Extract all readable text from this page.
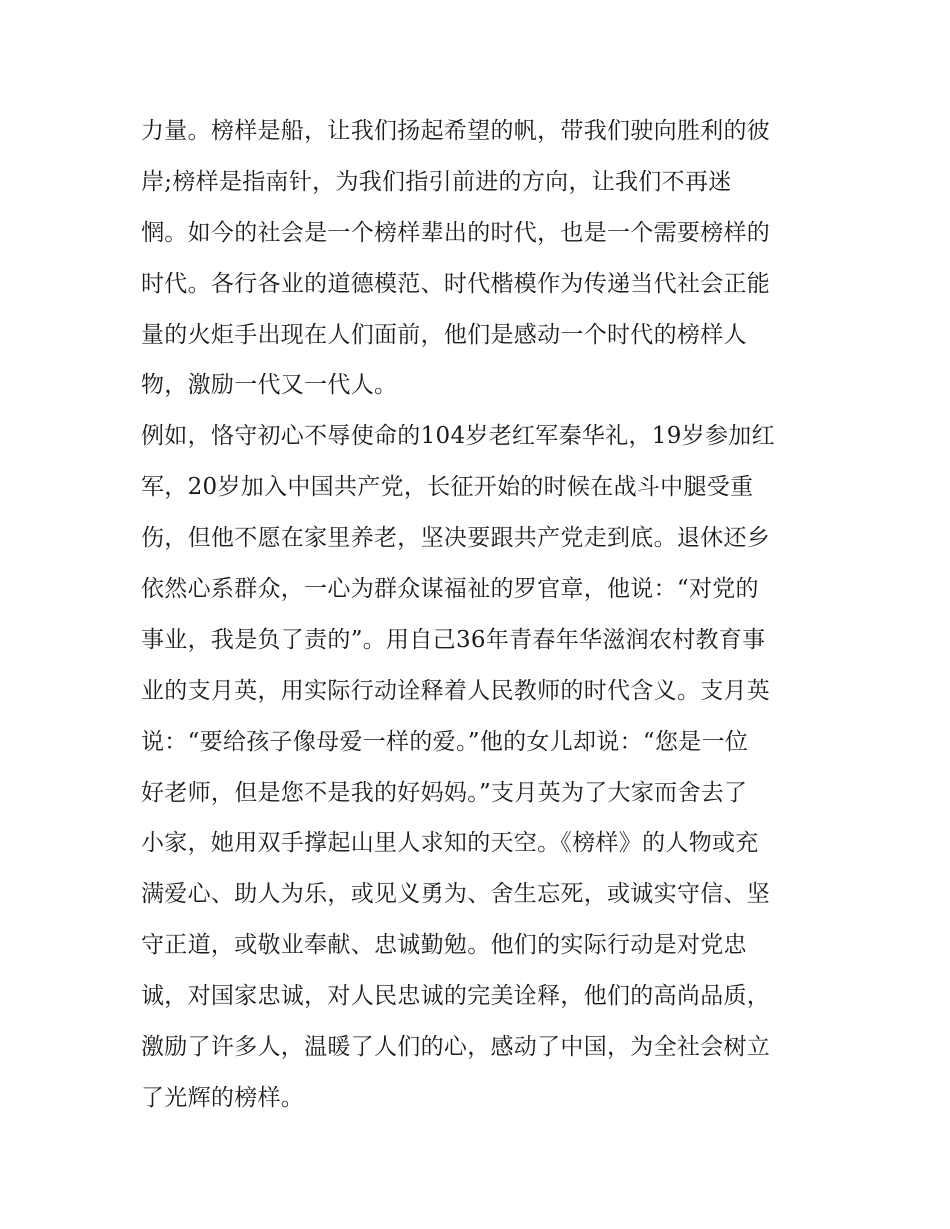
力量。榜样是船，让我们扬起希望的帆，带我们驶向胜利的彼
岸;榜样是指南针，为我们指引前进的方向，让我们不再迷
惘。如今的社会是一个榜样辈出的时代，也是一个需要榜样的
时代。各行各业的道德模范、时代楷模作为传递当代社会正能
量的火炬手出现在人们面前，他们是感动一个时代的榜样人
物，激励一代又一代人。
例如，恪守初心不辱使命的104岁老红军秦华礼，19岁参加红
军，20岁加入中国共产党，长征开始的时候在战斗中腿受重
伤，但他不愿在家里养老，坚决要跟共产党走到底。退休还乡
依然心系群众，一心为群众谋福祉的罗官章，他说：“对党的
事业，我是负了责的”。用自己36年青春年华滋润农村教育事
业的支月英，用实际行动诠释着人民教师的时代含义。支月英
说：“要给孩子像母爱一样的爱。”他的女儿却说：“您是一位
好老师，但是您不是我的好妈妈。”支月英为了大家而舍去了
小家，她用双手撑起山里人求知的天空。《榜样》的人物或充
满爱心、助人为乐，或见义勇为、舍生忘死，或诚实守信、坚
守正道，或敬业奉献、忠诚勤勉。他们的实际行动是对党忠
诚，对国家忠诚，对人民忠诚的完美诠释，他们的高尚品质，
激励了许多人，温暖了人们的心，感动了中国，为全社会树立
了光辉的榜样。
